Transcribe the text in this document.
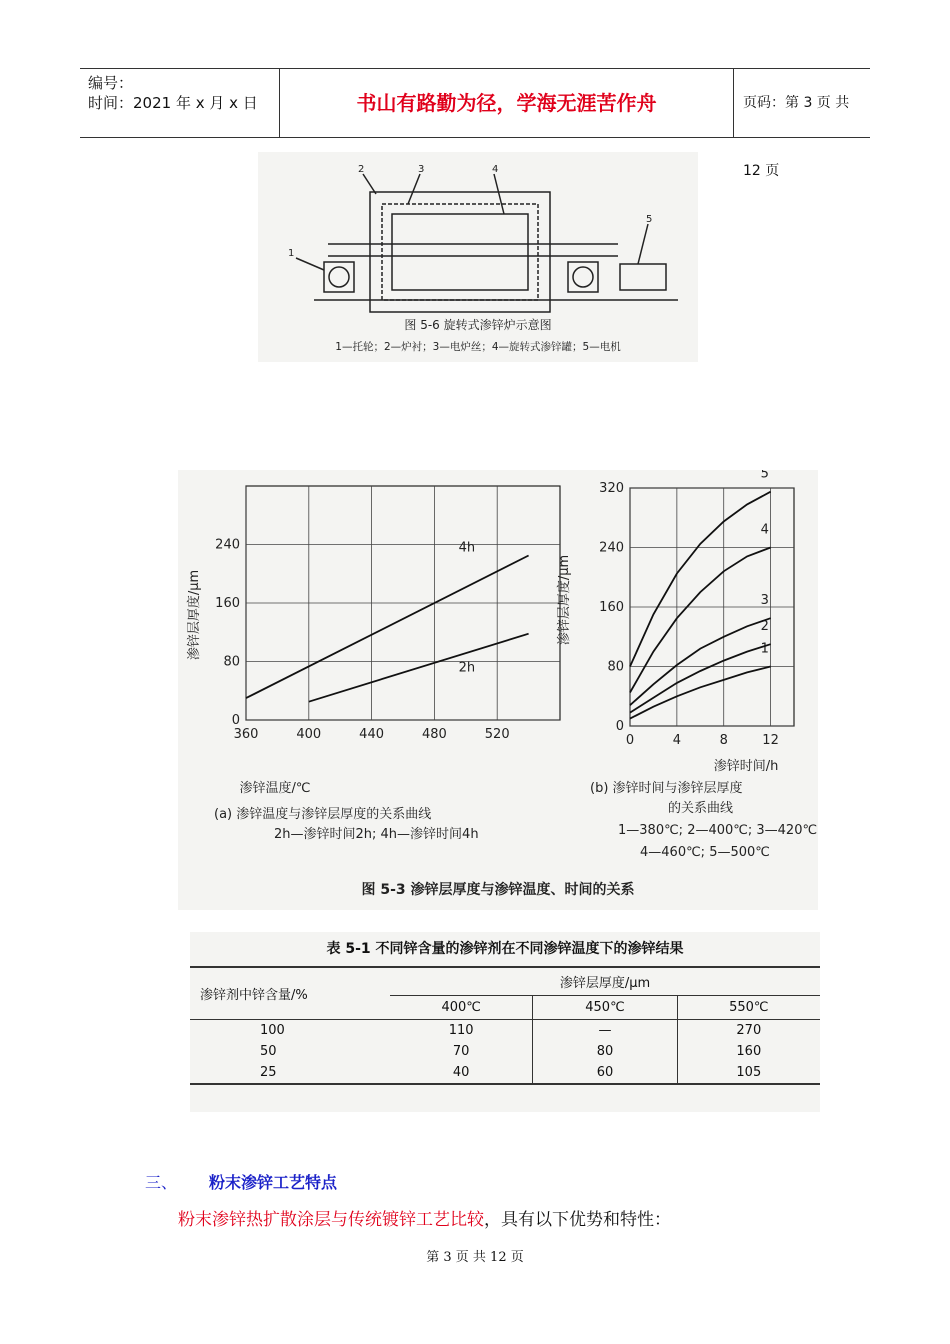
编号：
时间：2021 年 x 月 x 日	书山有路勤为径，学海无涯苦作舟	页码：第 3 页 共 12 页
1
2	3	4
5
图 5-6 旋转式渗锌炉示意图
1—托轮；2—炉衬；3—电炉丝；4—旋转式渗锌罐；5—电机
360	400	440	480	520
0
80
160
240	4h
2h
0	4	8	12
0
80
160
240
320
1
2
3
4
5
渗锌温度/℃
渗锌层厚度/μm
渗锌时间/h
渗锌层厚度/μm
(a) 渗锌温度与渗锌层厚度的关系曲线
2h—渗锌时间2h; 4h—渗锌时间4h
(b) 渗锌时间与渗锌层厚度
的关系曲线
1—380℃; 2—400℃; 3—420℃;
4—460℃; 5—500℃
图 5-3 渗锌层厚度与渗锌温度、时间的关系
表 5-1 不同锌含量的渗锌剂在不同渗锌温度下的渗锌结果
渗锌剂中锌含量/%	渗锌层厚度/μm		
	400℃	450℃	550℃
100	110	—	270
50	70	80	160
25	40	60	105
三、 粉末渗锌工艺特点
粉末渗锌热扩散涂层与传统镀锌工艺比较，具有以下优势和特性：
第 3 页 共 12 页
